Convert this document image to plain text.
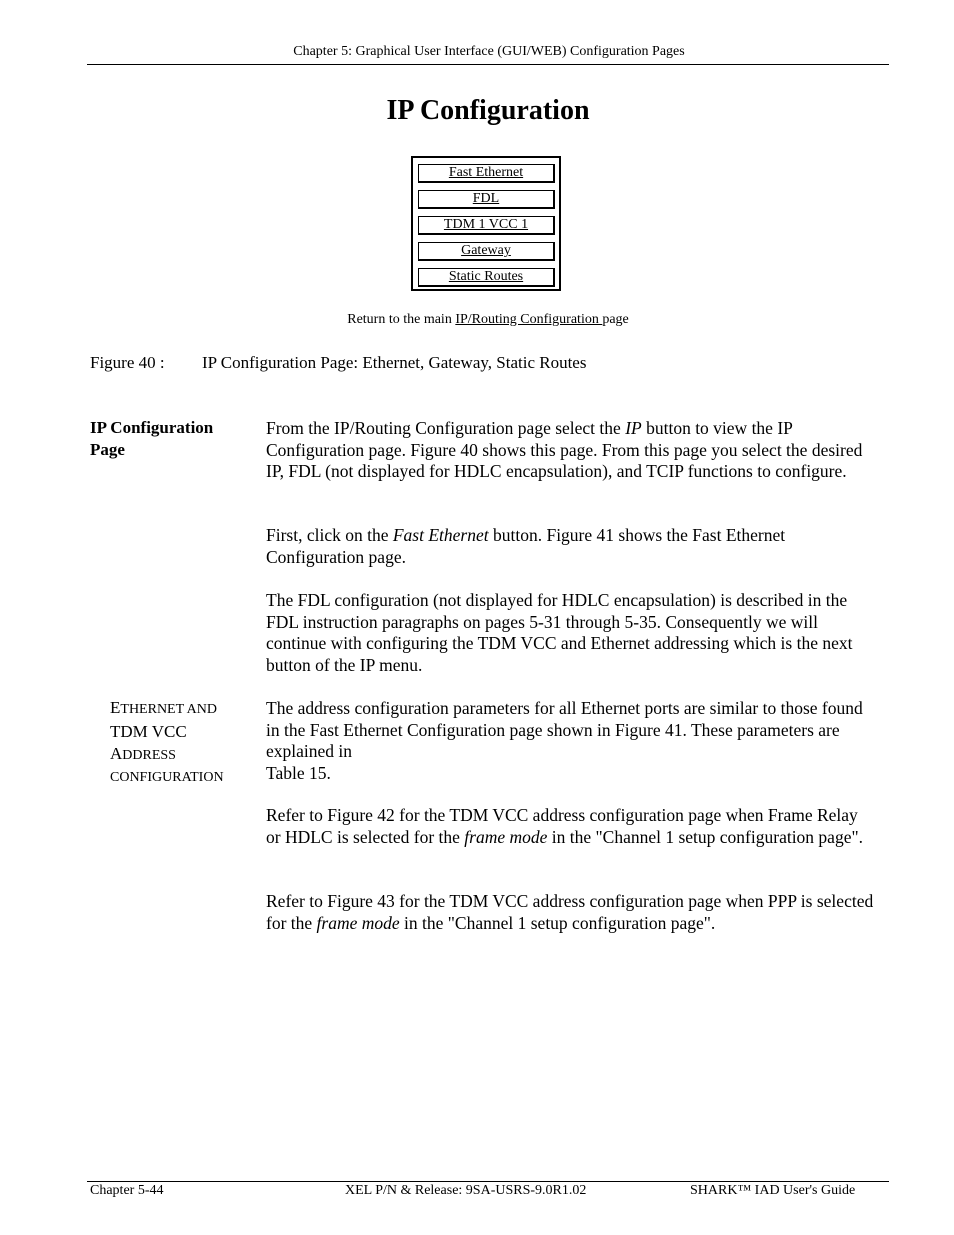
Chapter 5: Graphical User Interface (GUI/WEB) Configuration Pages
IP Configuration
Fast Ethernet
FDL
TDM 1 VCC 1
Gateway
Static Routes
Return to the main IP/Routing Configuration page
Figure 40 : IP Configuration Page: Ethernet, Gateway, Static Routes
IP Configuration Page

From the IP/Routing Configuration page select the IP button to view the IP Configuration page. Figure 40 shows this page. From this page you select the desired IP, FDL (not displayed for HDLC encapsulation), and TCIP functions to configure.

First, click on the Fast Ethernet button. Figure 41 shows the Fast Ethernet Configuration page.

The FDL configuration (not displayed for HDLC encapsulation) is described in the FDL instruction paragraphs on pages 5-31 through 5-35. Consequently we will continue with configuring the TDM VCC and Ethernet addressing which is the next button of the IP menu.

ETHERNET AND
TDM VCC
ADDRESS
CONFIGURATION

The address configuration parameters for all Ethernet ports are similar to those found in the Fast Ethernet Configuration page shown in Figure 41. These parameters are explained in

Table 15.

Refer to Figure 42 for the TDM VCC address configuration page when Frame Relay or HDLC is selected for the frame mode in the "Channel 1 setup configuration page".

Refer to Figure 43 for the TDM VCC address configuration page when PPP is selected for the frame mode in the "Channel 1 setup configuration page".

Chapter 5-44	XEL P/N & Release: 9SA-USRS-9.0R1.02	SHARK™ IAD User's Guide
